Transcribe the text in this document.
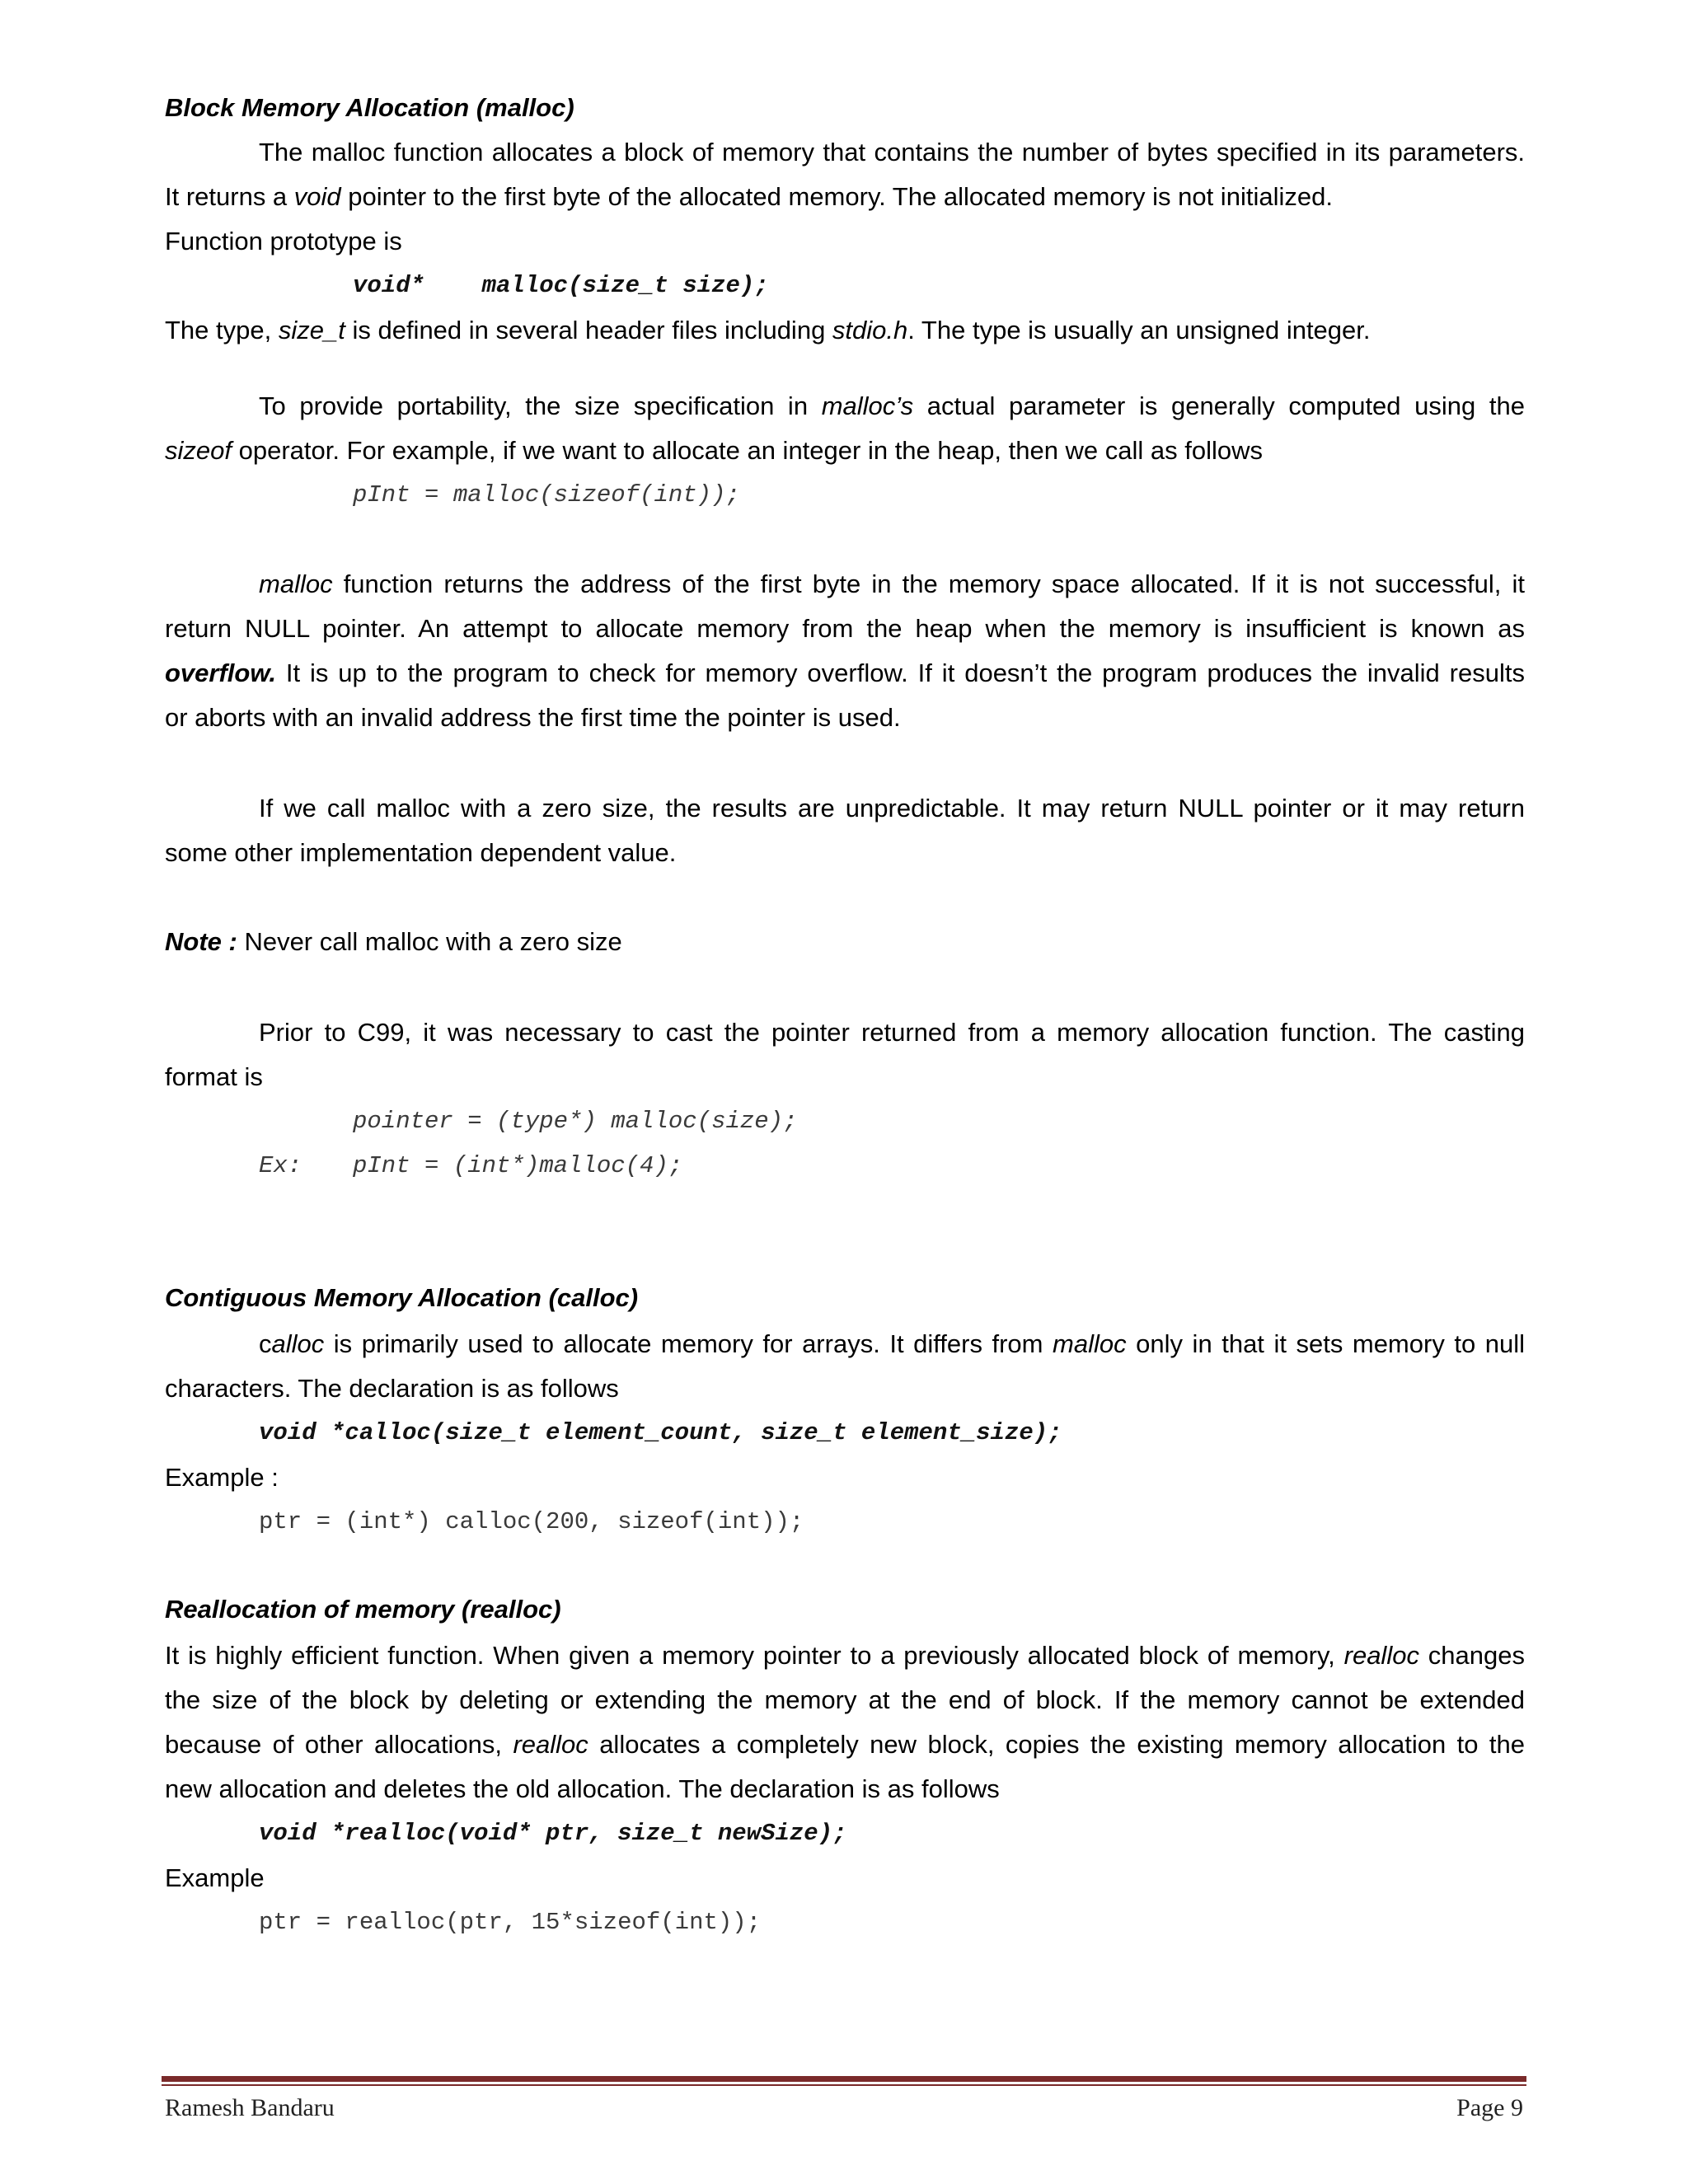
Block Memory Allocation (malloc)
The malloc function allocates a block of memory that contains the number of bytes specified in its parameters.
It returns a void pointer to the first byte of the allocated memory. The allocated memory is not initialized.
Function prototype is
void*    malloc(size_t size);
The type, size_t is defined in several header files including stdio.h. The type is usually an unsigned integer.
To provide portability, the size specification in malloc’s actual parameter is generally computed using the
sizeof operator. For example, if we want to allocate an integer in the heap, then we call as follows
pInt = malloc(sizeof(int));
malloc function returns the address of the first byte in the memory space allocated. If it is not successful, it
return NULL pointer. An attempt to allocate memory from the heap when the memory is insufficient is known as
overflow. It is up to the program to check for memory overflow. If it doesn’t the program produces the invalid results
or aborts with an invalid address the first time the pointer is used.
If we call malloc with a zero size, the results are unpredictable. It may return NULL pointer or it may return
some other implementation dependent value.
Note : Never call malloc with a zero size
Prior to C99, it was necessary to cast the pointer returned from a memory allocation function. The casting
format is
pointer = (type*) malloc(size);
Ex:	pInt = (int*)malloc(4);
Contiguous Memory Allocation (calloc)
calloc is primarily used to allocate memory for arrays. It differs from malloc only in that it sets memory to null
characters. The declaration is as follows
void *calloc(size_t element_count, size_t element_size);
Example :
ptr = (int*) calloc(200, sizeof(int));
Reallocation of memory (realloc)
It is highly efficient function. When given a memory pointer to a previously allocated block of memory, realloc changes
the size of the block by deleting or extending the memory at the end of block. If the memory cannot be extended
because of other allocations, realloc allocates a completely new block, copies the existing memory allocation to the
new allocation and deletes the old allocation. The declaration is as follows
void *realloc(void* ptr, size_t newSize);
Example
ptr = realloc(ptr, 15*sizeof(int));
Ramesh Bandaru	Page 9
